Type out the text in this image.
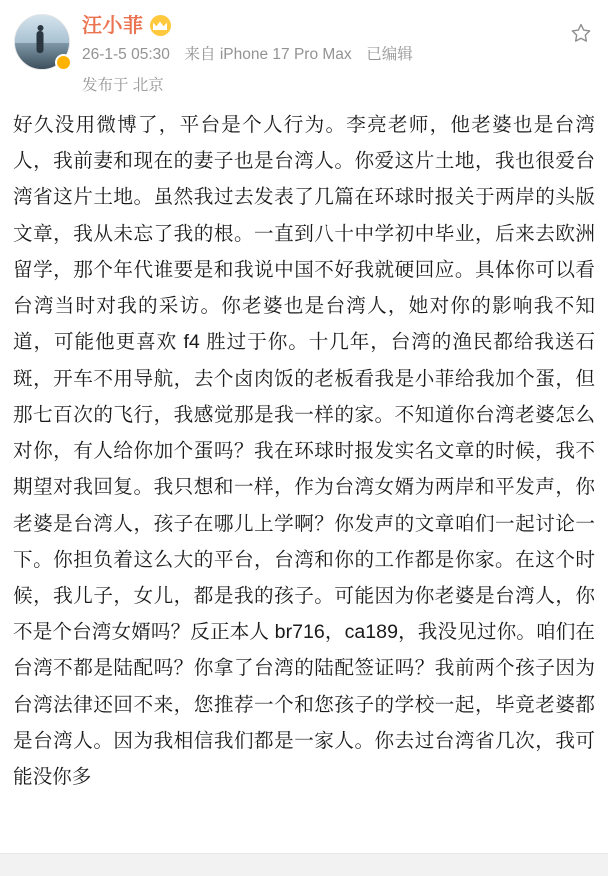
汪小菲
26-1-5 05:30 来自 iPhone 17 Pro Max 已编辑
发布于 北京
好久没用微博了，平台是个人行为。李亮老师，他老婆也是台湾人，我前妻和现在的妻子也是台湾人。你爱这片土地，我也很爱台湾省这片土地。虽然我过去发表了几篇在环球时报关于两岸的头版文章，我从未忘了我的根。一直到八十中学初中毕业，后来去欧洲留学，那个年代谁要是和我说中国不好我就硬回应。具体你可以看台湾当时对我的采访。你老婆也是台湾人，她对你的影响我不知道，可能他更喜欢 f4 胜过于你。十几年，台湾的渔民都给我送石斑，开车不用导航，去个卤肉饭的老板看我是小菲给我加个蛋，但那七百次的飞行，我感觉那是我一样的家。不知道你台湾老婆怎么对你，有人给你加个蛋吗？我在环球时报发实名文章的时候，我不期望对我回复。我只想和一样，作为台湾女婿为两岸和平发声，你老婆是台湾人，孩子在哪儿上学啊？你发声的文章咱们一起讨论一下。你担负着这么大的平台，台湾和你的工作都是你家。在这个时候，我儿子，女儿，都是我的孩子。可能因为你老婆是台湾人，你不是个台湾女婿吗？反正本人 br716，ca189，我没见过你。咱们在台湾不都是陆配吗？你拿了台湾的陆配签证吗？我前两个孩子因为台湾法律还回不来，您推荐一个和您孩子的学校一起，毕竟老婆都是台湾人。因为我相信我们都是一家人。你去过台湾省几次，我可能没你多
